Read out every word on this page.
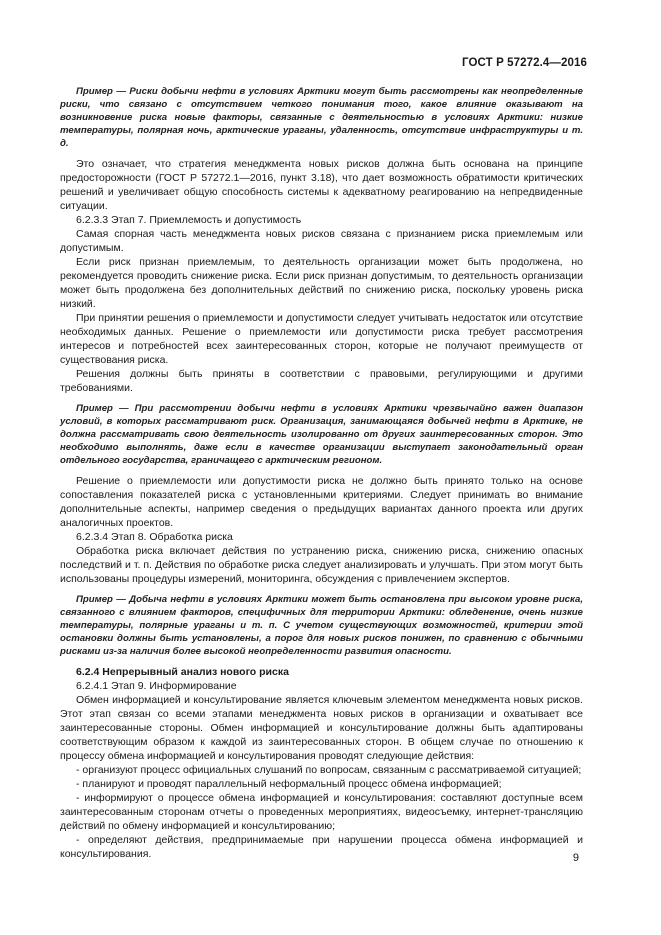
ГОСТ Р 57272.4—2016

Пример — Риски добычи нефти в условиях Арктики могут быть рассмотрены как неопределенные риски, что связано с отсутствием четкого понимания того, какое влияние оказывают на возникновение риска новые факторы, связанные с деятельностью в условиях Арктики: низкие температуры, полярная ночь, арктические ураганы, удаленность, отсутствие инфраструктуры и т. д.

Это означает, что стратегия менеджмента новых рисков должна быть основана на принципе предосторожности (ГОСТ Р 57272.1—2016, пункт 3.18), что дает возможность обратимости критических решений и увеличивает общую способность системы к адекватному реагированию на непредвиденные ситуации.

6.2.3.3 Этап 7. Приемлемость и допустимость

Самая спорная часть менеджмента новых рисков связана с признанием риска приемлемым или допустимым.

Если риск признан приемлемым, то деятельность организации может быть продолжена, но рекомендуется проводить снижение риска. Если риск признан допустимым, то деятельность организации может быть продолжена без дополнительных действий по снижению риска, поскольку уровень риска низкий.

При принятии решения о приемлемости и допустимости следует учитывать недостаток или отсутствие необходимых данных. Решение о приемлемости или допустимости риска требует рассмотрения интересов и потребностей всех заинтересованных сторон, которые не получают преимуществ от существования риска.

Решения должны быть приняты в соответствии с правовыми, регулирующими и другими требованиями.

Пример — При рассмотрении добычи нефти в условиях Арктики чрезвычайно важен диапазон условий, в которых рассматривают риск. Организация, занимающаяся добычей нефти в Арктике, не должна рассматривать свою деятельность изолированно от других заинтересованных сторон. Это необходимо выполнять, даже если в качестве организации выступает законодательный орган отдельного государства, граничащего с арктическим регионом.

Решение о приемлемости или допустимости риска не должно быть принято только на основе сопоставления показателей риска с установленными критериями. Следует принимать во внимание дополнительные аспекты, например сведения о предыдущих вариантах данного проекта или других аналогичных проектов.

6.2.3.4 Этап 8. Обработка риска

Обработка риска включает действия по устранению риска, снижению риска, снижению опасных последствий и т. п. Действия по обработке риска следует анализировать и улучшать. При этом могут быть использованы процедуры измерений, мониторинга, обсуждения с привлечением экспертов.

Пример — Добыча нефти в условиях Арктики может быть остановлена при высоком уровне риска, связанного с влиянием факторов, специфичных для территории Арктики: обледенение, очень низкие температуры, полярные ураганы и т. п. С учетом существующих возможностей, критерии этой остановки должны быть установлены, а порог для новых рисков понижен, по сравнению с обычными рисками из-за наличия более высокой неопределенности развития опасности.

6.2.4 Непрерывный анализ нового риска

6.2.4.1 Этап 9. Информирование

Обмен информацией и консультирование является ключевым элементом менеджмента новых рисков. Этот этап связан со всеми этапами менеджмента новых рисков в организации и охватывает все заинтересованные стороны. Обмен информацией и консультирование должны быть адаптированы соответствующим образом к каждой из заинтересованных сторон. В общем случае по отношению к процессу обмена информацией и консультирования проводят следующие действия:

- организуют процесс официальных слушаний по вопросам, связанным с рассматриваемой ситуацией;

- планируют и проводят параллельный неформальный процесс обмена информацией;

- информируют о процессе обмена информацией и консультирования: составляют доступные всем заинтересованным сторонам отчеты о проведенных мероприятиях, видеосъемку, интернет-трансляцию действий по обмену информацией и консультированию;

- определяют действия, предпринимаемые при нарушении процесса обмена информацией и консультирования.	9
